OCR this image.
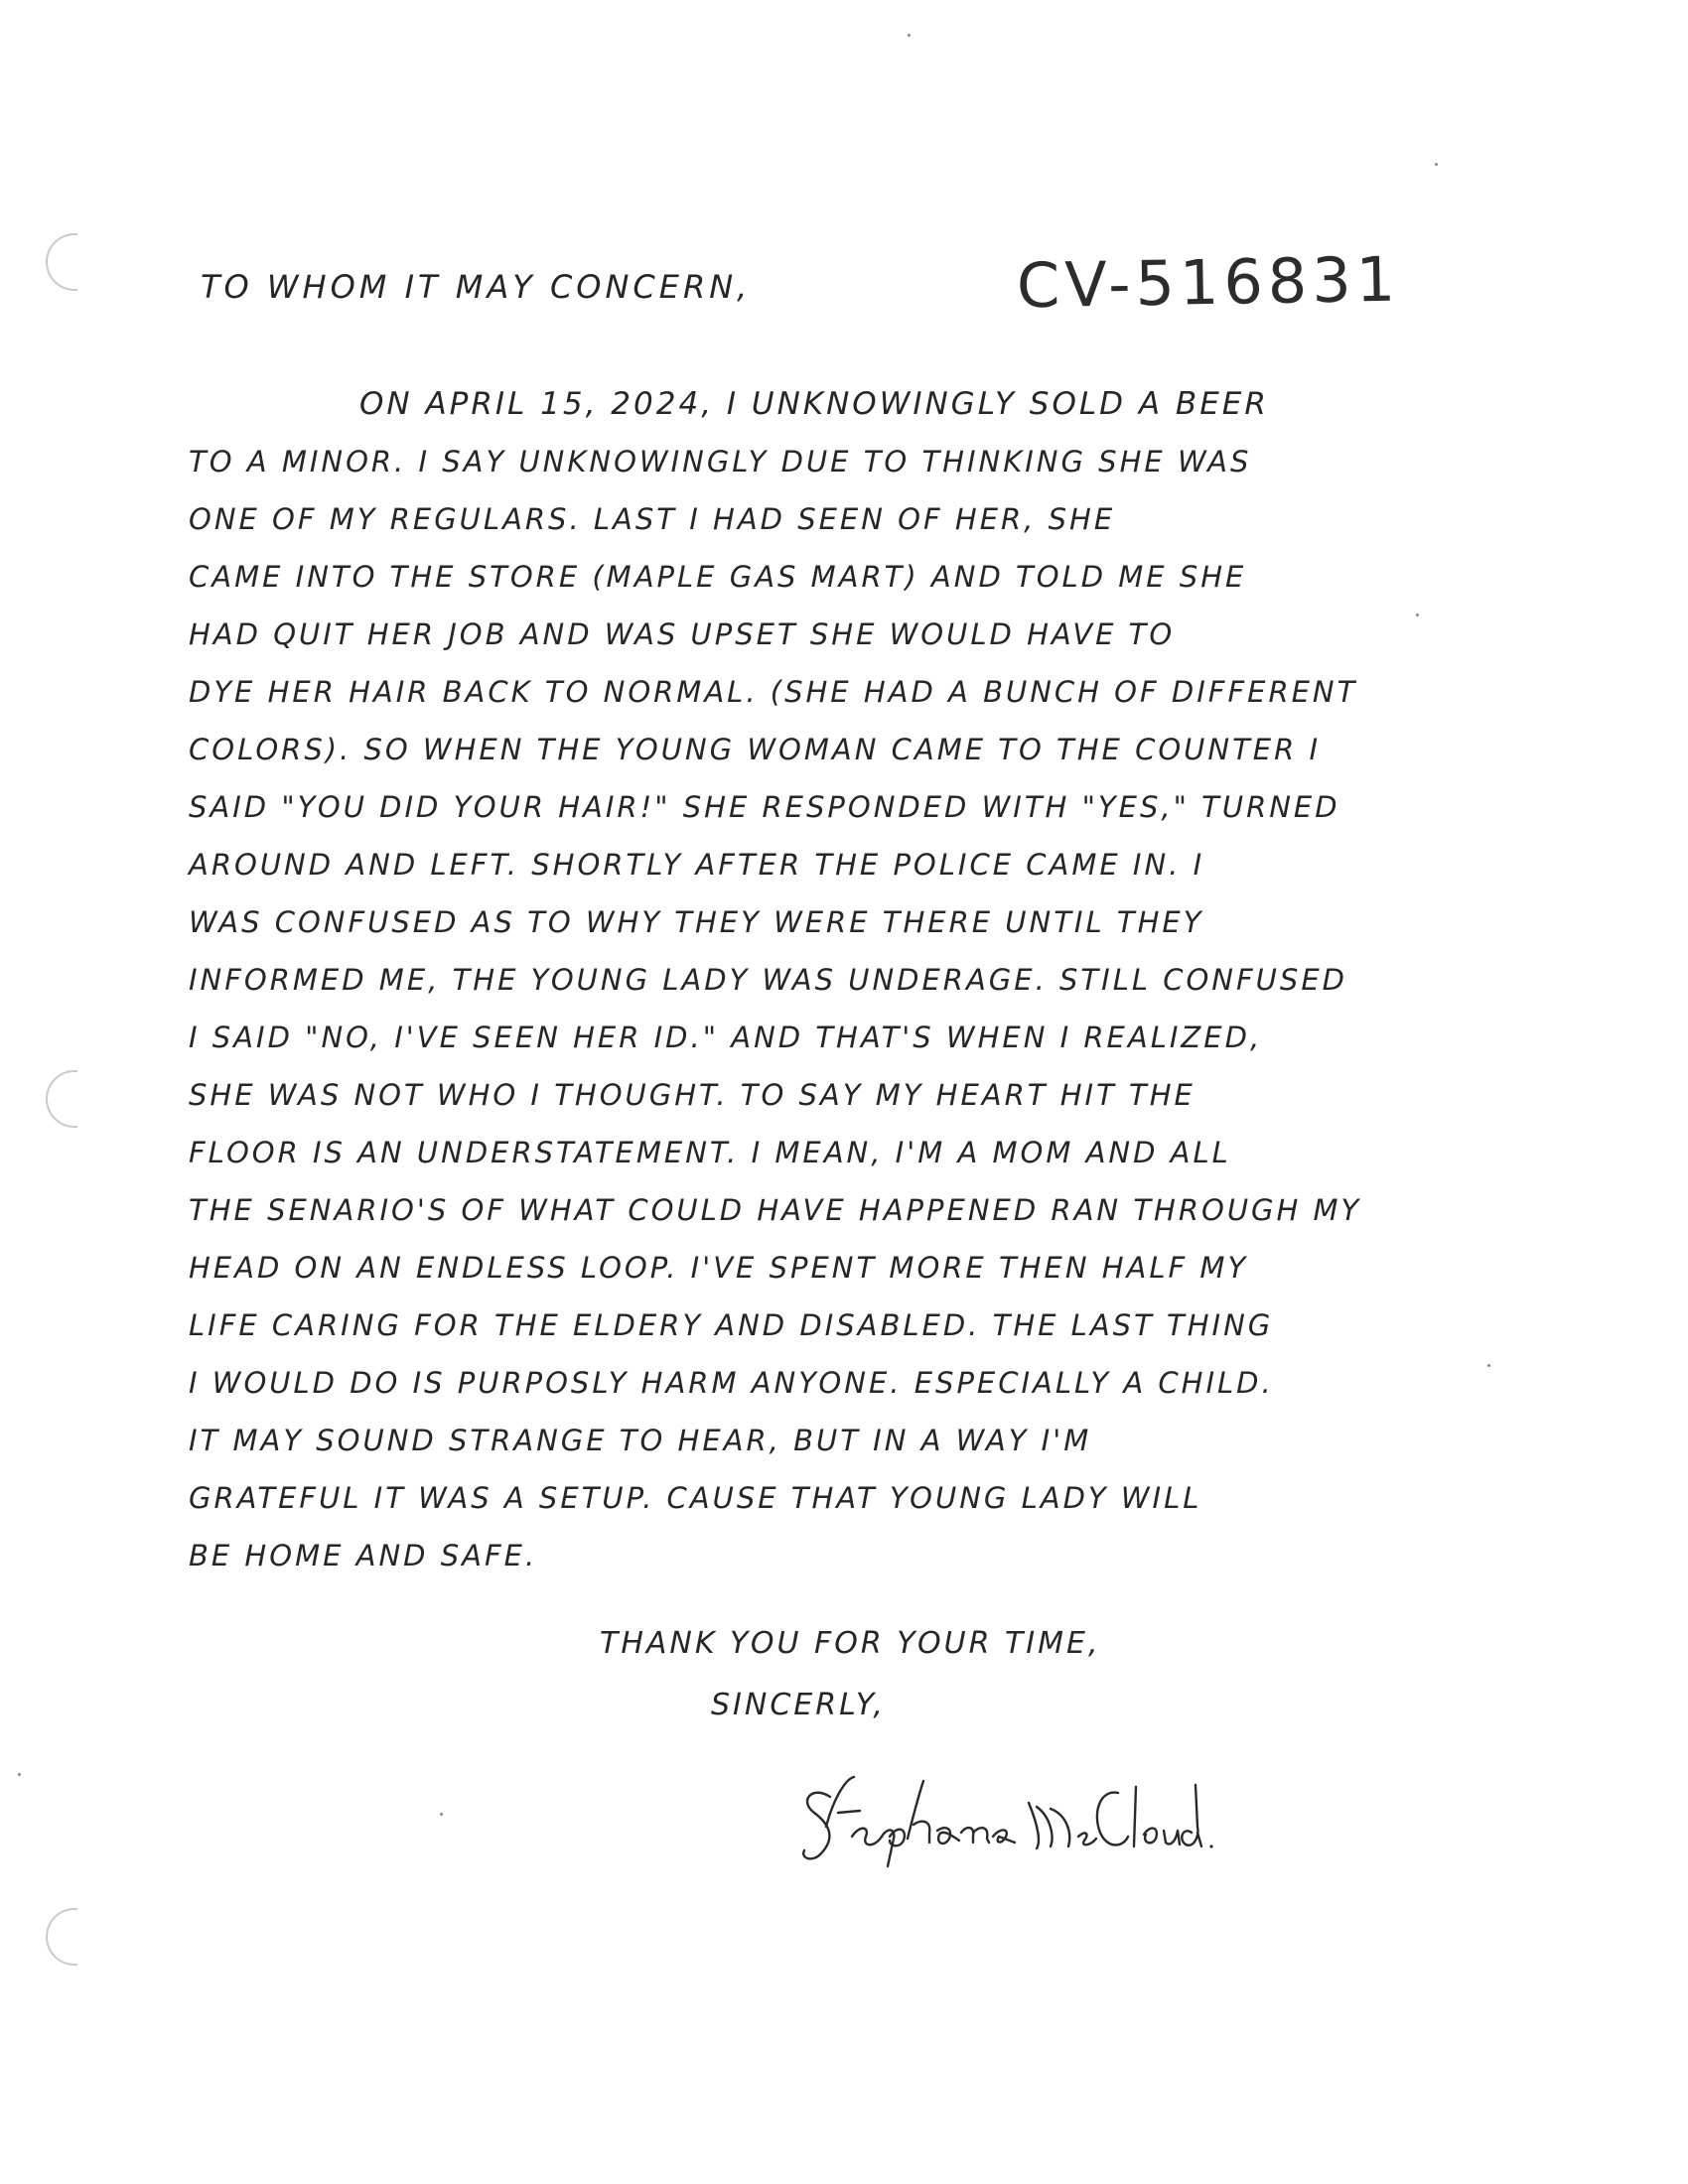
TO WHOM IT MAY CONCERN,	CV-516831
ON APRIL 15, 2024, I UNKNOWINGLY SOLD A BEER
TO A MINOR. I SAY UNKNOWINGLY DUE TO THINKING SHE WAS
ONE OF MY REGULARS. LAST I HAD SEEN OF HER, SHE
CAME INTO THE STORE (MAPLE GAS MART) AND TOLD ME SHE
HAD QUIT HER JOB AND WAS UPSET SHE WOULD HAVE TO
DYE HER HAIR BACK TO NORMAL. (SHE HAD A BUNCH OF DIFFERENT
COLORS). SO WHEN THE YOUNG WOMAN CAME TO THE COUNTER I
SAID "YOU DID YOUR HAIR!" SHE RESPONDED WITH "YES," TURNED
AROUND AND LEFT. SHORTLY AFTER THE POLICE CAME IN. I
WAS CONFUSED AS TO WHY THEY WERE THERE UNTIL THEY
INFORMED ME, THE YOUNG LADY WAS UNDERAGE. STILL CONFUSED
I SAID "NO, I'VE SEEN HER ID." AND THAT'S WHEN I REALIZED,
SHE WAS NOT WHO I THOUGHT. TO SAY MY HEART HIT THE
FLOOR IS AN UNDERSTATEMENT. I MEAN, I'M A MOM AND ALL
THE SENARIO'S OF WHAT COULD HAVE HAPPENED RAN THROUGH MY
HEAD ON AN ENDLESS LOOP. I'VE SPENT MORE THEN HALF MY
LIFE CARING FOR THE ELDERY AND DISABLED. THE LAST THING
I WOULD DO IS PURPOSLY HARM ANYONE. ESPECIALLY A CHILD.
IT MAY SOUND STRANGE TO HEAR, BUT IN A WAY I'M
GRATEFUL IT WAS A SETUP. CAUSE THAT YOUNG LADY WILL
BE HOME AND SAFE.
THANK YOU FOR YOUR TIME,
SINCERLY,
